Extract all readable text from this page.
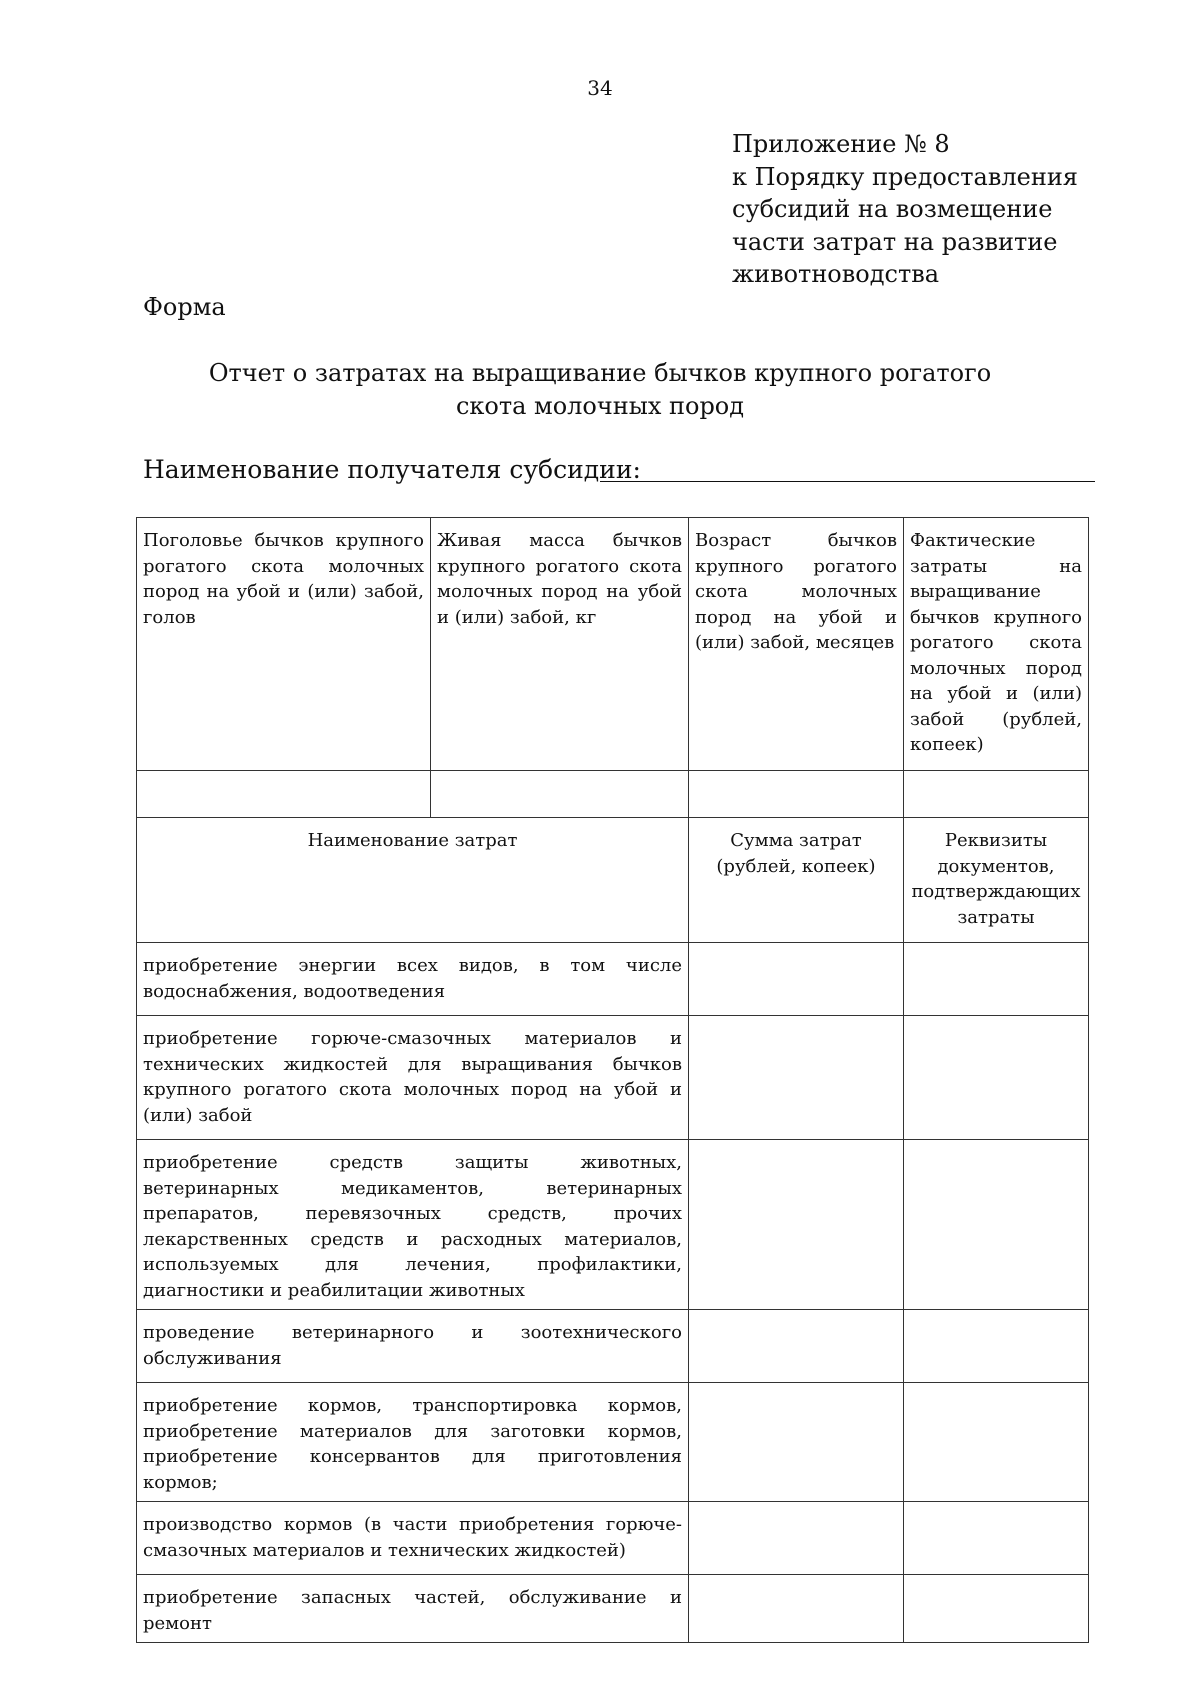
34
Приложение № 8
к Порядку предоставления
субсидий на возмещение
части затрат на развитие
животноводства
Форма
Отчет о затратах на выращивание бычков крупного рогатого
скота молочных пород
Наименование получателя субсидии:
Поголовье бычков крупного рогатого скота молочных пород на убой и (или) забой, голов	Живая масса бычков крупного рогатого скота молочных пород на убой и (или) забой, кг	Возраст бычков крупного рогатого скота молочных пород на убой и (или) забой, месяцев	Фактические затраты на выращивание бычков крупного рогатого скота молочных пород на убой и (или) забой (рублей, копеек)

Наименование затрат		Сумма затрат (рублей, копеек)	Реквизиты документов, подтверждающих затраты
приобретение энергии всех видов, в том числе водоснабжения, водоотведения			
приобретение горюче-смазочных материалов и технических жидкостей для выращивания бычков крупного рогатого скота молочных пород на убой и (или) забой			
приобретение средств защиты животных, ветеринарных медикаментов, ветеринарных препаратов, перевязочных средств, прочих лекарственных средств и расходных материалов, используемых для лечения, профилактики, диагностики и реабилитации животных			
проведение ветеринарного и зоотехнического обслуживания			
приобретение кормов, транспортировка кормов, приобретение материалов для заготовки кормов, приобретение консервантов для приготовления кормов;			
производство кормов (в части приобретения горюче-смазочных материалов и технических жидкостей)			
приобретение запасных частей, обслуживание и ремонт			
